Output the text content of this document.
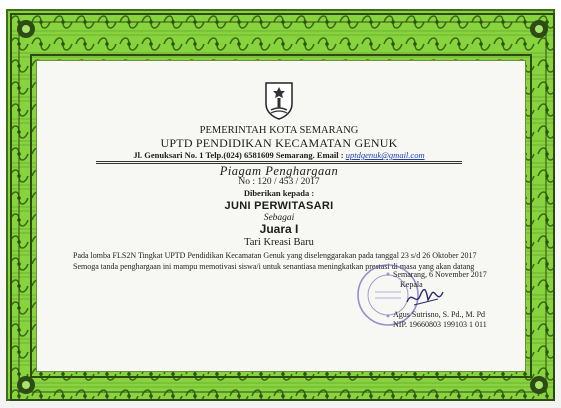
PEMERINTAH KOTA SEMARANG
UPTD PENDIDIKAN KECAMATAN GENUK
Jl. Genuksari No. 1 Telp.(024) 6581609 Semarang. Email : uptdgenuk@gmail.com
Piagam Penghargaan
No : 120 / 453 / 2017
Diberikan kepada :
JUNI PERWITASARI
Sebagai
Juara I
Tari Kreasi Baru
Pada lomba FLS2N Tingkat UPTD Pendidikan Kecamatan Genuk yang diselenggarakan pada tanggal 23 s/d 26 Oktober 2017
Semoga tanda penghargaan ini mampu memotivasi siswa/i untuk senantiasa meningkatkan prestasi di masa yang akan datang
Semarang, 6 November 2017
Kepala
Agus Sutrisno, S. Pd., M. Pd
NIP. 19660803 199103 1 011
